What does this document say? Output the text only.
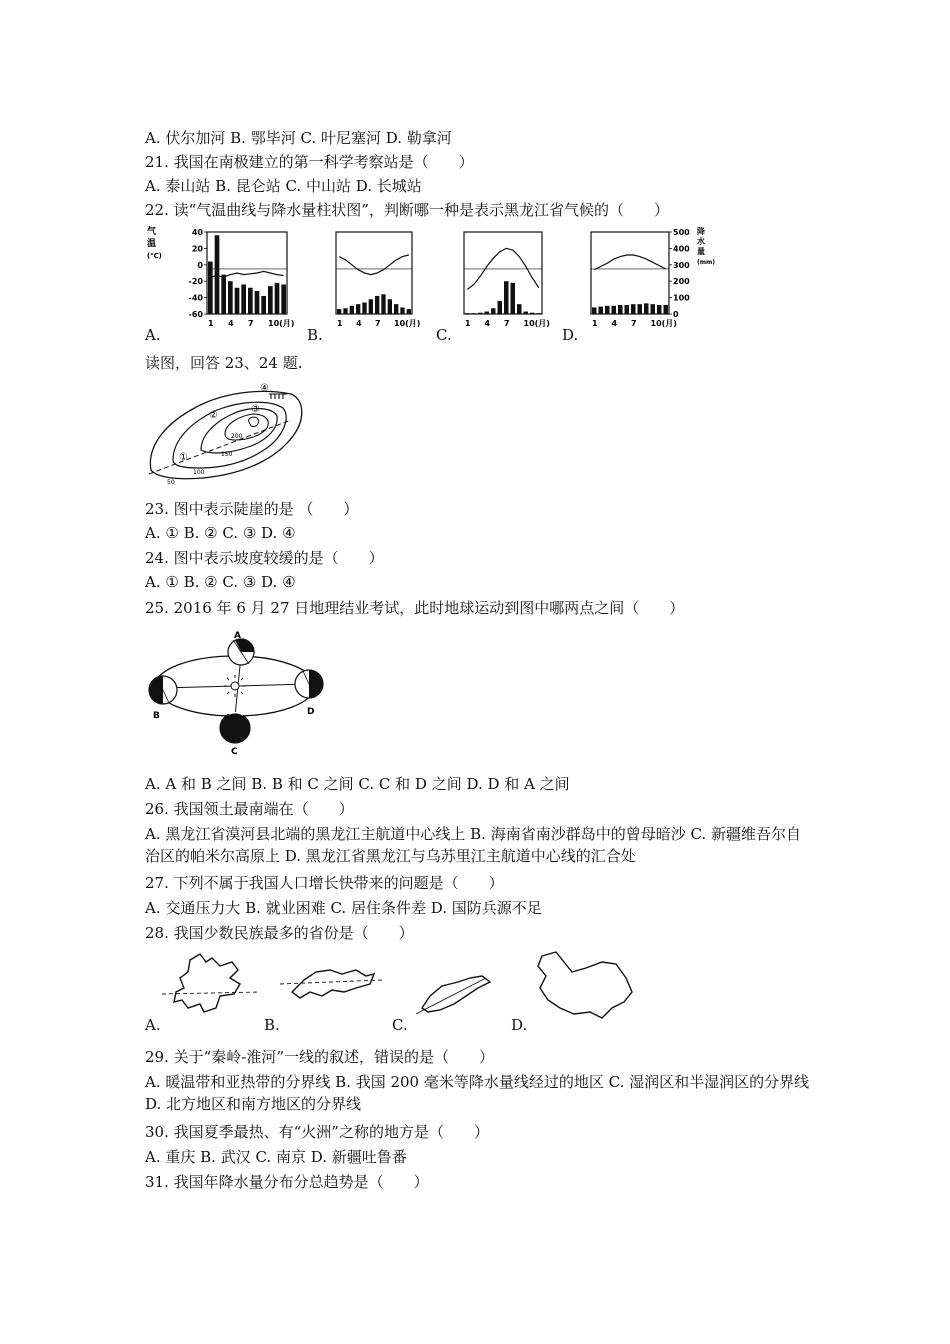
A. 伏尔加河 B. 鄂毕河 C. 叶尼塞河 D. 勒拿河
21. 我国在南极建立的第一科学考察站是（　　）
A. 泰山站 B. 昆仑站 C. 中山站 D. 长城站
22. 读“气温曲线与降水量柱状图”，判断哪一种是表示黑龙江省气候的（　　）
1 4 7 10(月)	1 4 7 10(月)	1 4 7 10(月)	1 4 7 10(月)
40
20
0
-20
-40
-60
气
温
(℃)
500
400
300
200
100
0
降
水
量
(mm)
A.	B.	C.	D.
读图，回答 23、24 题.
①
②
③
④
200
150
100
50
23. 图中表示陡崖的是 （　　）
A. ① B. ② C. ③ D. ④
24. 图中表示坡度较缓的是（　　）
A. ① B. ② C. ③ D. ④
25. 2016 年 6 月 27 日地理结业考试，此时地球运动到图中哪两点之间（　　）
A
B
C
D
A. A 和 B 之间 B. B 和 C 之间 C. C 和 D 之间 D. D 和 A 之间
26. 我国领土最南端在（　　）
A. 黑龙江省漠河县北端的黑龙江主航道中心线上 B. 海南省南沙群岛中的曾母暗沙 C. 新疆维吾尔自治区的帕米尔高原上 D. 黑龙江省黑龙江与乌苏里江主航道中心线的汇合处
27. 下列不属于我国人口增长快带来的问题是（　　）
A. 交通压力大 B. 就业困难 C. 居住条件差 D. 国防兵源不足
28. 我国少数民族最多的省份是（　　）
A.	B.	C.	D.
29. 关于“秦岭-淮河”一线的叙述，错误的是（　　）
A. 暖温带和亚热带的分界线 B. 我国 200 毫米等降水量线经过的地区 C. 湿润区和半湿润区的分界线 D. 北方地区和南方地区的分界线
30. 我国夏季最热、有“火洲”之称的地方是（　　）
A. 重庆 B. 武汉 C. 南京 D. 新疆吐鲁番
31. 我国年降水量分布分总趋势是（　　）
